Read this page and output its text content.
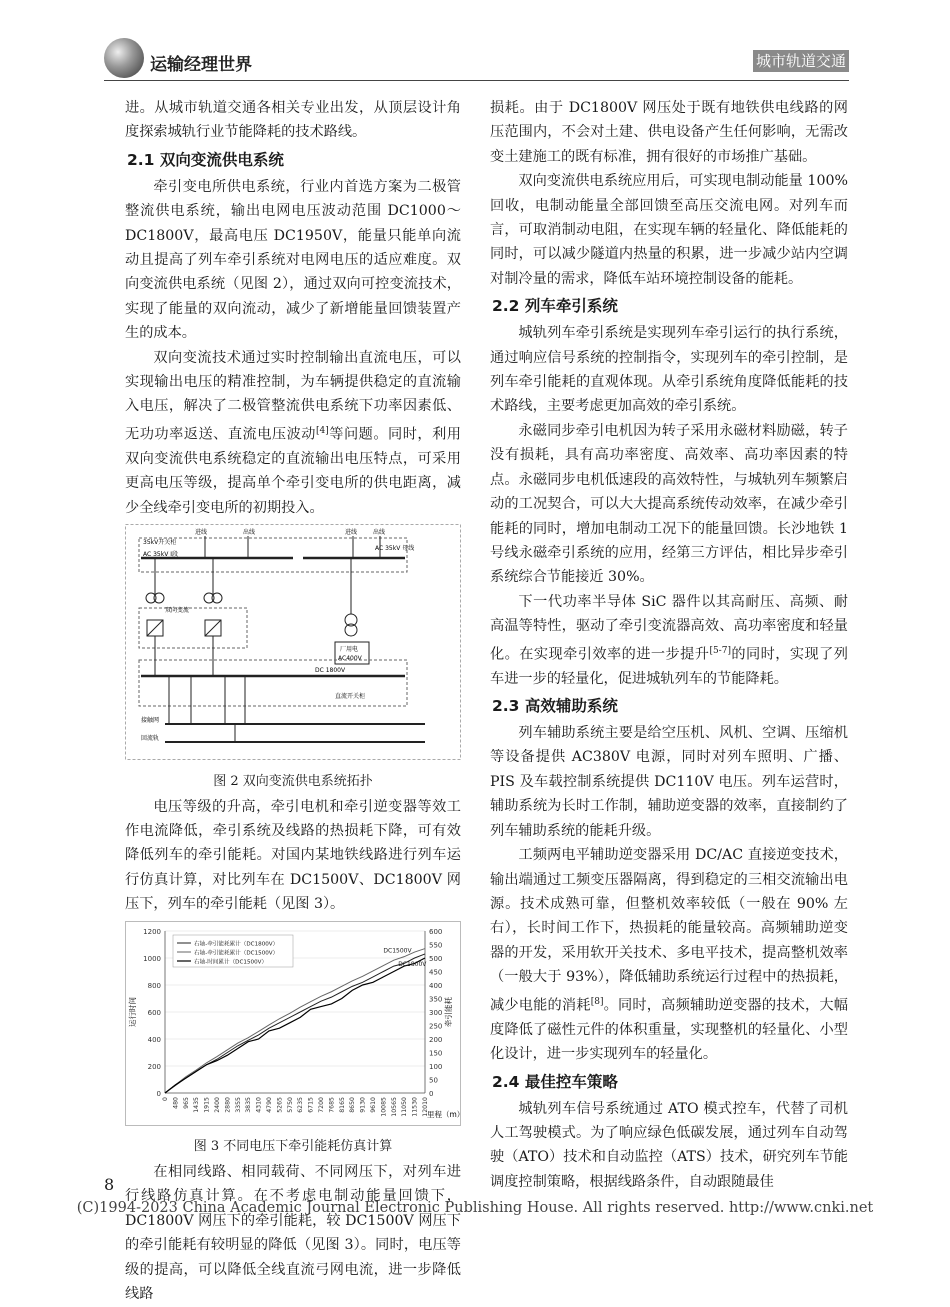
运输经理世界	城市轨道交通

进。从城市轨道交通各相关专业出发，从顶层设计角度探索城轨行业节能降耗的技术路线。

2.1 双向变流供电系统

牵引变电所供电系统，行业内首选方案为二极管整流供电系统，输出电网电压波动范围 DC1000～DC1800V，最高电压 DC1950V，能量只能单向流动且提高了列车牵引系统对电网电压的适应难度。双向变流供电系统（见图 2），通过双向可控变流技术，实现了能量的双向流动，减少了新增能量回馈装置产生的成本。

双向变流技术通过实时控制输出直流电压，可以实现输出电压的精准控制，为车辆提供稳定的直流输入电压，解决了二极管整流供电系统下功率因素低、无功功率返送、直流电压波动[4]等问题。同时，利用双向变流供电系统稳定的直流输出电压特点，可采用更高电压等级，提高单个牵引变电所的供电距离，减少全线牵引变电所的初期投入。

35kV开关柜
进线	出线	进线	出线
AC 35kV I段
AC 35kV 母线
双向变流
厂用电
AC400V
DC 1800V
直流开关柜
接触网
回流轨
图 2 双向变流供电系统拓扑

电压等级的升高，牵引电机和牵引逆变器等效工作电流降低，牵引系统及线路的热损耗下降，可有效降低列车的牵引能耗。对国内某地铁线路进行列车运行仿真计算，对比列车在 DC1500V、DC1800V 网压下，列车的牵引能耗（见图 3）。

0
200
400
600
800
1000
1200
0
50
100
150
200
250
300
350
400
450
500
550
600
0 480 965 1435 1915 2400 2880 3355 3835 4310 4790 5265 5750 6235 6715 7200 7685 8165 8650 9130 9610 10085 10565 11050 11530 12010
运行时间	牵引能耗
里程（m）
右轴-牵引能耗累计（DC1800V）
右轴-牵引能耗累计（DC1500V）
右轴-时间累计（DC1500V）
DC1500V
DC1800V
图 3 不同电压下牵引能耗仿真计算

在相同线路、相同载荷、不同网压下，对列车进行线路仿真计算。在不考虑电制动能量回馈下，DC1800V 网压下的牵引能耗，较 DC1500V 网压下的牵引能耗有较明显的降低（见图 3）。同时，电压等级的提高，可以降低全线直流弓网电流，进一步降低线路

损耗。由于 DC1800V 网压处于既有地铁供电线路的网压范围内，不会对土建、供电设备产生任何影响，无需改变土建施工的既有标准，拥有很好的市场推广基础。

双向变流供电系统应用后，可实现电制动能量 100% 回收，电制动能量全部回馈至高压交流电网。对列车而言，可取消制动电阻，在实现车辆的轻量化、降低能耗的同时，可以减少隧道内热量的积累，进一步减少站内空调对制冷量的需求，降低车站环境控制设备的能耗。

2.2 列车牵引系统

城轨列车牵引系统是实现列车牵引运行的执行系统，通过响应信号系统的控制指令，实现列车的牵引控制，是列车牵引能耗的直观体现。从牵引系统角度降低能耗的技术路线，主要考虑更加高效的牵引系统。

永磁同步牵引电机因为转子采用永磁材料励磁，转子没有损耗，具有高功率密度、高效率、高功率因素的特点。永磁同步电机低速段的高效特性，与城轨列车频繁启动的工况契合，可以大大提高系统传动效率，在减少牵引能耗的同时，增加电制动工况下的能量回馈。长沙地铁 1 号线永磁牵引系统的应用，经第三方评估，相比异步牵引系统综合节能接近 30%。

下一代功率半导体 SiC 器件以其高耐压、高频、耐高温等特性，驱动了牵引变流器高效、高功率密度和轻量化。在实现牵引效率的进一步提升[5-7]的同时，实现了列车进一步的轻量化，促进城轨列车的节能降耗。

2.3 高效辅助系统

列车辅助系统主要是给空压机、风机、空调、压缩机等设备提供 AC380V 电源，同时对列车照明、广播、PIS 及车载控制系统提供 DC110V 电压。列车运营时，辅助系统为长时工作制，辅助逆变器的效率，直接制约了列车辅助系统的能耗升级。

工频两电平辅助逆变器采用 DC/AC 直接逆变技术，输出端通过工频变压器隔离，得到稳定的三相交流输出电源。技术成熟可靠，但整机效率较低（一般在 90% 左右），长时间工作下，热损耗的能量较高。高频辅助逆变器的开发，采用软开关技术、多电平技术，提高整机效率（一般大于 93%），降低辅助系统运行过程中的热损耗，减少电能的消耗[8]。同时，高频辅助逆变器的技术，大幅度降低了磁性元件的体积重量，实现整机的轻量化、小型化设计，进一步实现列车的轻量化。

2.4 最佳控车策略

城轨列车信号系统通过 ATO 模式控车，代替了司机人工驾驶模式。为了响应绿色低碳发展，通过列车自动驾驶（ATO）技术和自动监控（ATS）技术，研究列车节能调度控制策略，根据线路条件，自动跟随最佳

8
(C)1994-2023 China Academic Journal Electronic Publishing House. All rights reserved. http://www.cnki.net
